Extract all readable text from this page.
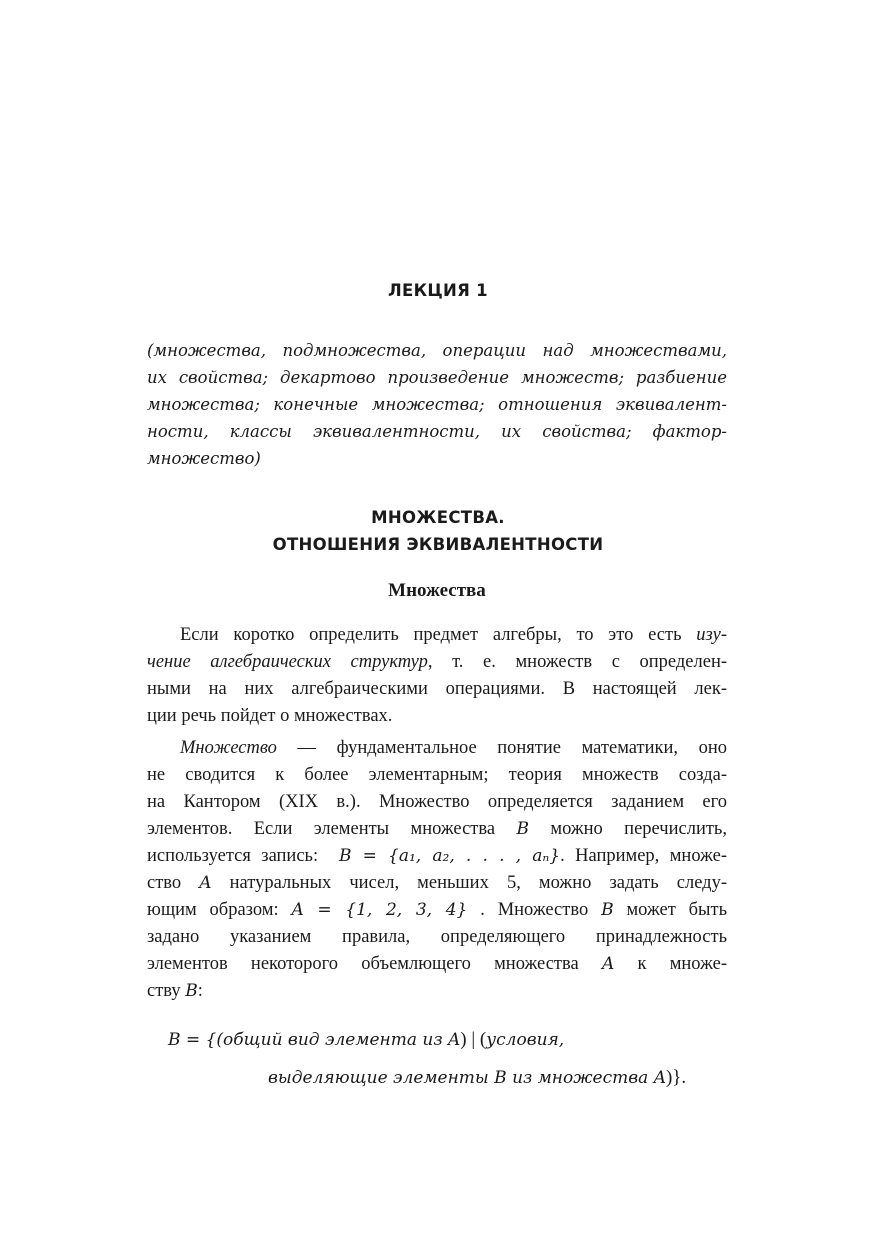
ЛЕКЦИЯ 1
(множества, подмножества, операции над множествами,
их свойства; декартово произведение множеств; разбиение
множества; конечные множества; отношения эквивалент-
ности, классы эквивалентности, их свойства; фактор-
множество)
МНОЖЕСТВА.
ОТНОШЕНИЯ ЭКВИВАЛЕНТНОСТИ
Множества
Если коротко определить предмет алгебры, то это есть изу-
чение алгебраических структур, т. е. множеств с определен-
ными на них алгебраическими операциями. В настоящей лек-
ции речь пойдет о множествах.
Множество — фундаментальное понятие математики, оно
не сводится к более элементарным; теория множеств созда-
на Кантором (XIX в.). Множество определяется заданием его
элементов. Если элементы множества B можно перечислить,
используется запись:  B = {a₁, a₂, . . . , aₙ}. Например, множе-
ство A натуральных чисел, меньших 5, можно задать следу-
ющим образом: A = {1, 2, 3, 4} . Множество B может быть
задано указанием правила, определяющего принадлежность
элементов некоторого объемлющего множества A к множе-
ству B:
B = {(общий вид элемента из A) | (условия,
выделяющие элементы B из множества A)}.
